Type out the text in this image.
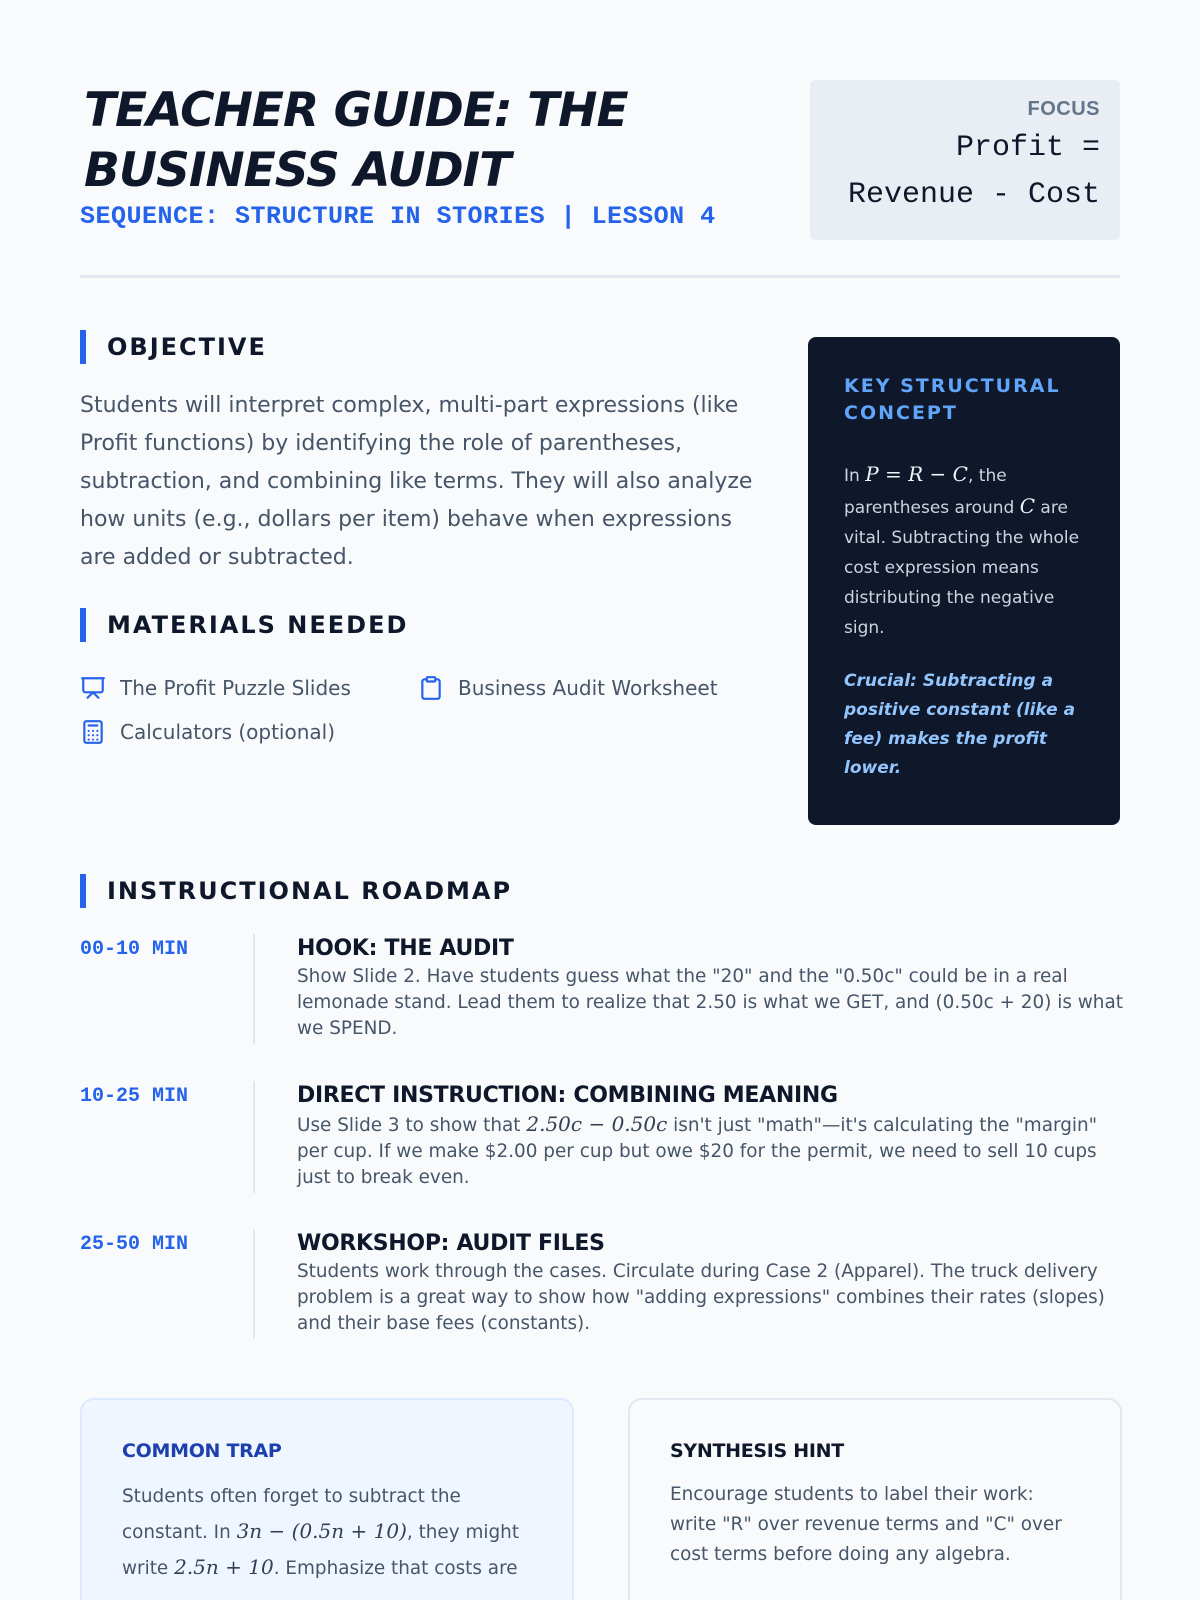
TEACHER GUIDE: THE BUSINESS AUDIT
SEQUENCE: STRUCTURE IN STORIES | LESSON 4
FOCUS
Profit = Revenue - Cost
OBJECTIVE
Students will interpret complex, multi-part expressions (like Profit functions) by identifying the role of parentheses, subtraction, and combining like terms. They will also analyze how units (e.g., dollars per item) behave when expressions are added or subtracted.
MATERIALS NEEDED
The Profit Puzzle Slides	Business Audit Worksheet
Calculators (optional)
KEY STRUCTURAL CONCEPT
In P = R − C, the parentheses around C are vital. Subtracting the whole cost expression means distributing the negative sign.
Crucial: Subtracting a positive constant (like a fee) makes the profit lower.
INSTRUCTIONAL ROADMAP
00-10 MIN	HOOK: THE AUDIT
Show Slide 2. Have students guess what the "20" and the "0.50c" could be in a real lemonade stand. Lead them to realize that 2.50 is what we GET, and (0.50c + 20) is what we SPEND.
10-25 MIN	DIRECT INSTRUCTION: COMBINING MEANING
Use Slide 3 to show that 2.50c − 0.50c isn't just "math"—it's calculating the "margin" per cup. If we make $2.00 per cup but owe $20 for the permit, we need to sell 10 cups just to break even.
25-50 MIN	WORKSHOP: AUDIT FILES
Students work through the cases. Circulate during Case 2 (Apparel). The truck delivery problem is a great way to show how "adding expressions" combines their rates (slopes) and their base fees (constants).
COMMON TRAP
Students often forget to subtract the constant. In 3n − (0.5n + 10), they might write 2.5n + 10. Emphasize that costs are
SYNTHESIS HINT
Encourage students to label their work: write "R" over revenue terms and "C" over cost terms before doing any algebra.
